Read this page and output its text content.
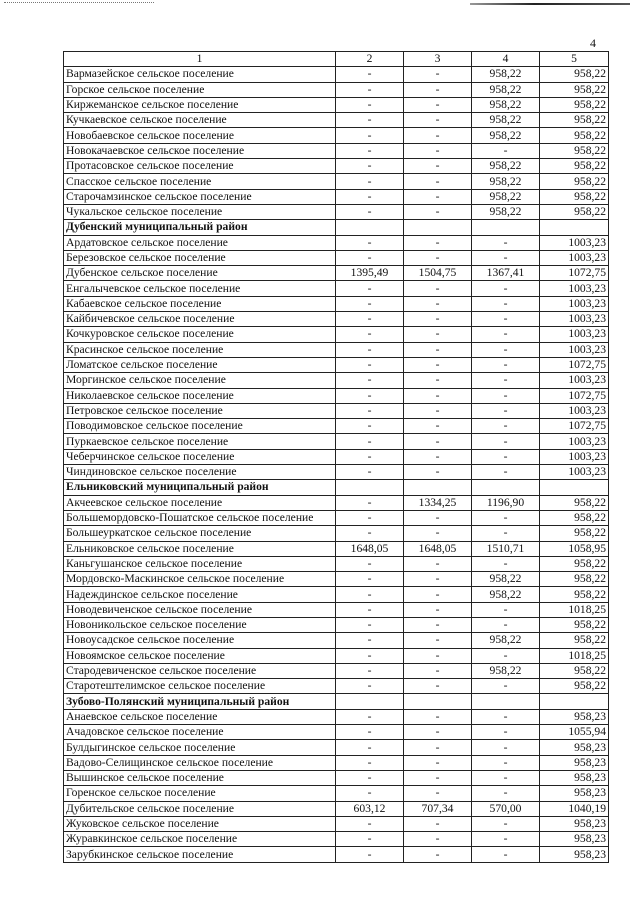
4
1	2	3	4	5
Вармазейское сельское поселение	-	-	958,22	958,22
Горское сельское поселение	-	-	958,22	958,22
Киржеманское сельское поселение	-	-	958,22	958,22
Кучкаевское сельское поселение	-	-	958,22	958,22
Новобаевское сельское поселение	-	-	958,22	958,22
Новокачаевское сельское поселение	-	-	-	958,22
Протасовское сельское поселение	-	-	958,22	958,22
Спасское сельское поселение	-	-	958,22	958,22
Старочамзинское сельское поселение	-	-	958,22	958,22
Чукальское сельское поселение	-	-	958,22	958,22
Дубенский муниципальный район				
Ардатовское сельское поселение	-	-	-	1003,23
Березовское сельское поселение	-	-	-	1003,23
Дубенское сельское поселение	1395,49	1504,75	1367,41	1072,75
Енгалычевское сельское поселение	-	-	-	1003,23
Кабаевское сельское поселение	-	-	-	1003,23
Кайбичевское сельское поселение	-	-	-	1003,23
Кочкуровское сельское поселение	-	-	-	1003,23
Красинское сельское поселение	-	-	-	1003,23
Ломатское сельское поселение	-	-	-	1072,75
Моргинское сельское поселение	-	-	-	1003,23
Николаевское сельское поселение	-	-	-	1072,75
Петровское сельское поселение	-	-	-	1003,23
Поводимовское сельское поселение	-	-	-	1072,75
Пуркаевское сельское поселение	-	-	-	1003,23
Чеберчинское сельское поселение	-	-	-	1003,23
Чиндиновское сельское поселение	-	-	-	1003,23
Ельниковский муниципальный район				
Акчеевское сельское поселение	-	1334,25	1196,90	958,22
Большемордовско-Пошатское сельское поселение	-	-	-	958,22
Большеуркатское сельское поселение	-	-	-	958,22
Ельниковское сельское поселение	1648,05	1648,05	1510,71	1058,95
Каньгушанское сельское поселение	-	-	-	958,22
Мордовско-Маскинское сельское поселение	-	-	958,22	958,22
Надеждинское сельское поселение	-	-	958,22	958,22
Новодевиченское сельское поселение	-	-	-	1018,25
Новоникольское сельское поселение	-	-	-	958,22
Новоусадское сельское поселение	-	-	958,22	958,22
Новоямское сельское поселение	-	-	-	1018,25
Стародевиченское сельское поселение	-	-	958,22	958,22
Старотештелимское сельское поселение	-	-	-	958,22
Зубово-Полянский муниципальный район				
Анаевское сельское поселение	-	-	-	958,23
Ачадовское сельское поселение	-	-	-	1055,94
Булдыгинское сельское поселение	-	-	-	958,23
Вадово-Селищинское сельское поселение	-	-	-	958,23
Вышинское сельское поселение	-	-	-	958,23
Горенское сельское поселение	-	-	-	958,23
Дубительское сельское поселение	603,12	707,34	570,00	1040,19
Жуковское сельское поселение	-	-	-	958,23
Журавкинское сельское поселение	-	-	-	958,23
Зарубкинское сельское поселение	-	-	-	958,23
